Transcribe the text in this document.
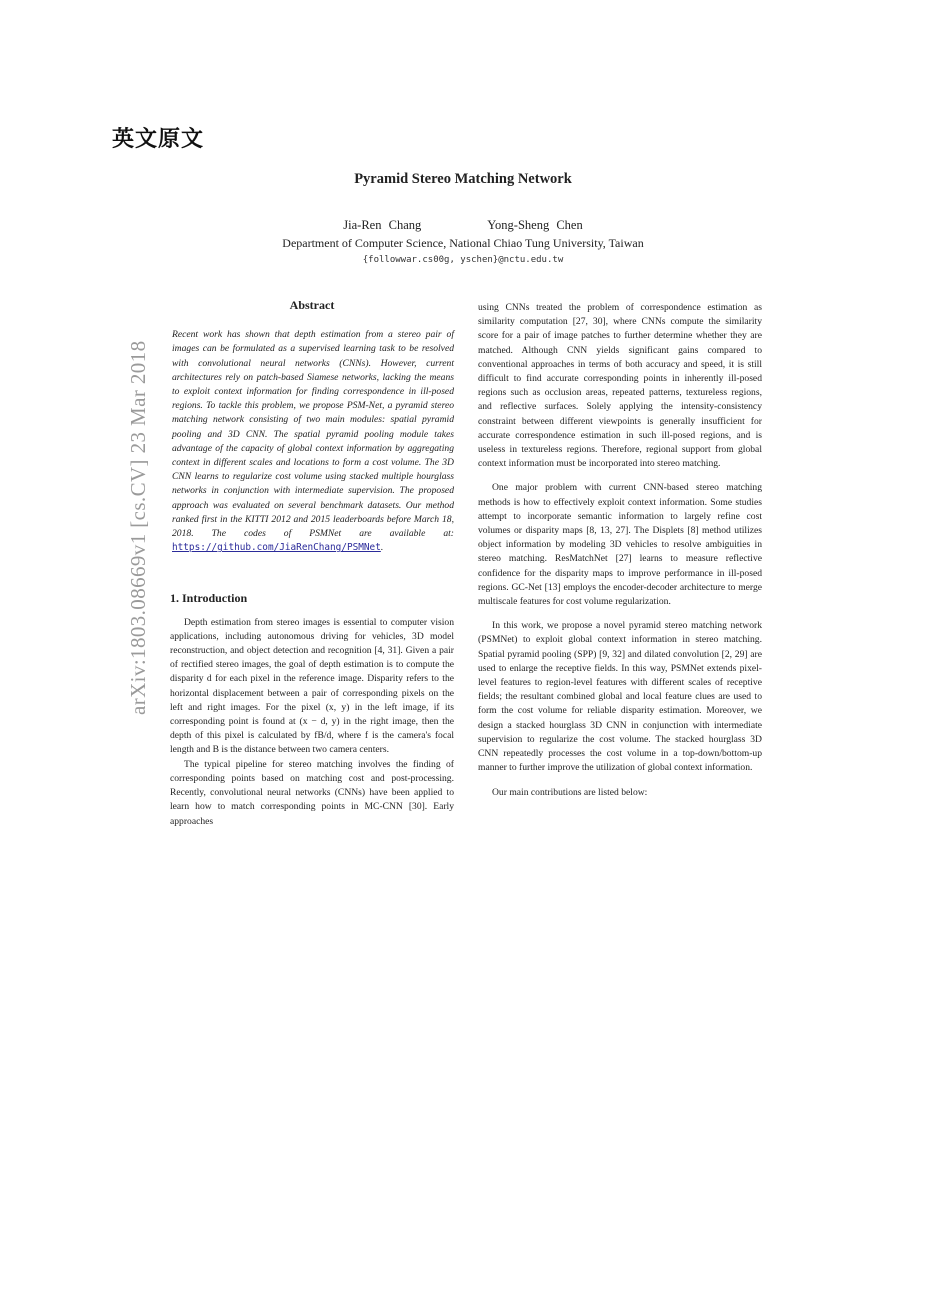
英文原文
Pyramid Stereo Matching Network
Jia-Ren Chang	Yong-Sheng Chen
Department of Computer Science, National Chiao Tung University, Taiwan
{followwar.cs00g, yschen}@nctu.edu.tw
arXiv:1803.08669v1 [cs.CV] 23 Mar 2018
Abstract

Recent work has shown that depth estimation from a stereo pair of images can be formulated as a supervised learning task to be resolved with convolutional neural networks (CNNs). However, current architectures rely on patch-based Siamese networks, lacking the means to exploit context information for finding correspondence in ill-posed regions. To tackle this problem, we propose PSM-Net, a pyramid stereo matching network consisting of two main modules: spatial pyramid pooling and 3D CNN. The spatial pyramid pooling module takes advantage of the capacity of global context information by aggregating context in different scales and locations to form a cost volume. The 3D CNN learns to regularize cost volume using stacked multiple hourglass networks in conjunction with intermediate supervision. The proposed approach was evaluated on several benchmark datasets. Our method ranked first in the KITTI 2012 and 2015 leaderboards before March 18, 2018. The codes of PSMNet are available at: https://github.com/JiaRenChang/PSMNet.

1. Introduction

Depth estimation from stereo images is essential to computer vision applications, including autonomous driving for vehicles, 3D model reconstruction, and object detection and recognition [4, 31]. Given a pair of rectified stereo images, the goal of depth estimation is to compute the disparity d for each pixel in the reference image. Disparity refers to the horizontal displacement between a pair of corresponding pixels on the left and right images. For the pixel (x, y) in the left image, if its corresponding point is found at (x − d, y) in the right image, then the depth of this pixel is calculated by fB/d, where f is the camera's focal length and B is the distance between two camera centers.

The typical pipeline for stereo matching involves the finding of corresponding points based on matching cost and post-processing. Recently, convolutional neural networks (CNNs) have been applied to learn how to match corresponding points in MC-CNN [30]. Early approaches

using CNNs treated the problem of correspondence estimation as similarity computation [27, 30], where CNNs compute the similarity score for a pair of image patches to further determine whether they are matched. Although CNN yields significant gains compared to conventional approaches in terms of both accuracy and speed, it is still difficult to find accurate corresponding points in inherently ill-posed regions such as occlusion areas, repeated patterns, textureless regions, and reflective surfaces. Solely applying the intensity-consistency constraint between different viewpoints is generally insufficient for accurate correspondence estimation in such ill-posed regions, and is useless in textureless regions. Therefore, regional support from global context information must be incorporated into stereo matching.

One major problem with current CNN-based stereo matching methods is how to effectively exploit context information. Some studies attempt to incorporate semantic information to largely refine cost volumes or disparity maps [8, 13, 27]. The Displets [8] method utilizes object information by modeling 3D vehicles to resolve ambiguities in stereo matching. ResMatchNet [27] learns to measure reflective confidence for the disparity maps to improve performance in ill-posed regions. GC-Net [13] employs the encoder-decoder architecture to merge multiscale features for cost volume regularization.

In this work, we propose a novel pyramid stereo matching network (PSMNet) to exploit global context information in stereo matching. Spatial pyramid pooling (SPP) [9, 32] and dilated convolution [2, 29] are used to enlarge the receptive fields. In this way, PSMNet extends pixel-level features to region-level features with different scales of receptive fields; the resultant combined global and local feature clues are used to form the cost volume for reliable disparity estimation. Moreover, we design a stacked hourglass 3D CNN in conjunction with intermediate supervision to regularize the cost volume. The stacked hourglass 3D CNN repeatedly processes the cost volume in a top-down/bottom-up manner to further improve the utilization of global context information.

Our main contributions are listed below:
